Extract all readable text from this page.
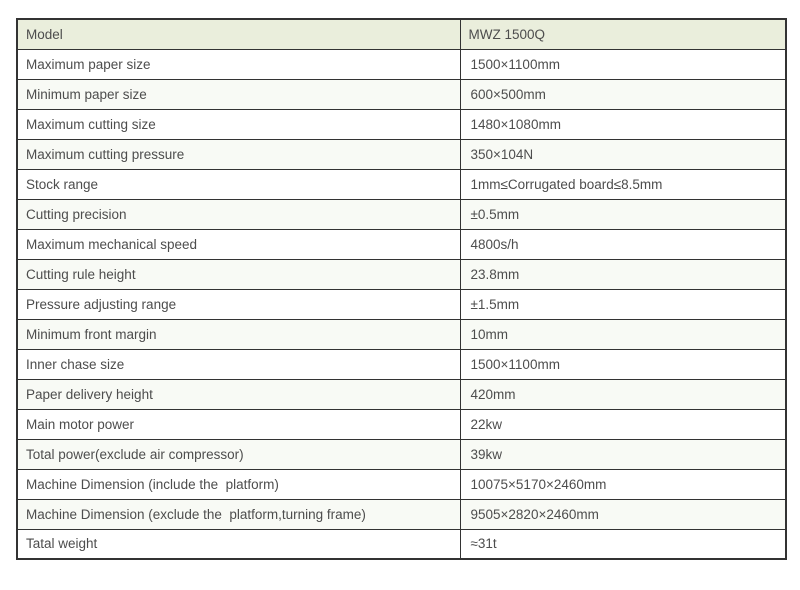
Model	MWZ 1500Q
Maximum paper size	1500×1100mm
Minimum paper size	600×500mm
Maximum cutting size	1480×1080mm
Maximum cutting pressure	350×104N
Stock range	1mm≤Corrugated board≤8.5mm
Cutting precision	±0.5mm
Maximum mechanical speed	4800s/h
Cutting rule height	23.8mm
Pressure adjusting range	±1.5mm
Minimum front margin	10mm
Inner chase size	1500×1100mm
Paper delivery height	420mm
Main motor power	22kw
Total power(exclude air compressor)	39kw
Machine Dimension (include the  platform)	10075×5170×2460mm
Machine Dimension (exclude the  platform,turning frame)	9505×2820×2460mm
Tatal weight	≈31t
